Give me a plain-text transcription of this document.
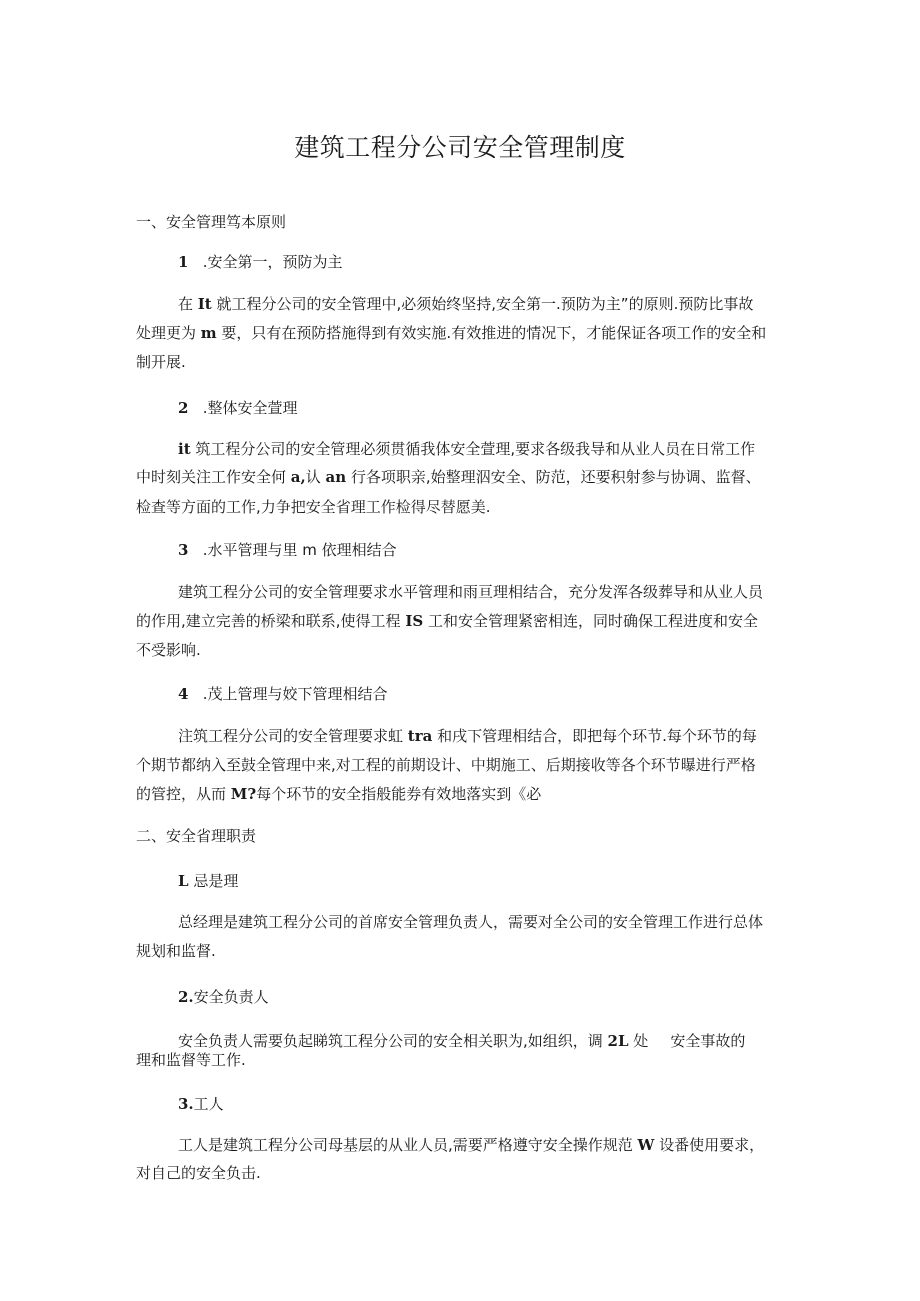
建筑工程分公司安全管理制度
一、安全管理笃本原则
1 .安全第一，预防为主
在 It 就工程分公司的安全管理中,必须始终坚持,安全第一.预防为主”的原则.预防比事故
处理更为 m 要，只有在预防搭施得到有效实施.有效推进的情况下，才能保证各项工作的安全和
制开展.
2 .整体安全萱理
it 筑工程分公司的安全管理必须贯循我体安全萱理,要求各级我导和从业人员在日常工作
中时刻关注工作安全何 a,认 an 行各项职亲,始整理泅安全、防范，还要积射参与协调、监督、
检查等方面的工作,力争把安全省理工作检得尽替愿美.
3 .水平管理与里 m 依理相结合
建筑工程分公司的安全管理要求水平管理和雨亘理相结合，充分发浑各级葬导和从业人员
的作用,建立完善的桥梁和联系,使得工程 IS 工和安全管理紧密相连，同时确保工程进度和安全
不受影响.
4 .茂上管理与姣下管理相结合
注筑工程分公司的安全管理要求虹 tra 和戌下管理相结合，即把每个环节.每个环节的每
个期节都纳入至鼓全管理中来,对工程的前期设计、中期施工、后期接收等各个环节曝进行严格
的管控，从而 M?每个环节的安全指般能券有效地落实到《必
二、安全省理职责
L 忌是理
总经理是建筑工程分公司的首席安全管理负责人，需要对全公司的安全管理工作进行总体
规划和监督.
2.安全负责人
安全负责人需要负起睇筑工程分公司的安全相关职为,如组织，调 2L 处 安全事故的
理和监督等工作.
3.工人
工人是建筑工程分公司母基层的从业人员,需要严格遵守安全操作规范 W 设番使用要求，
对自己的安全负击.
